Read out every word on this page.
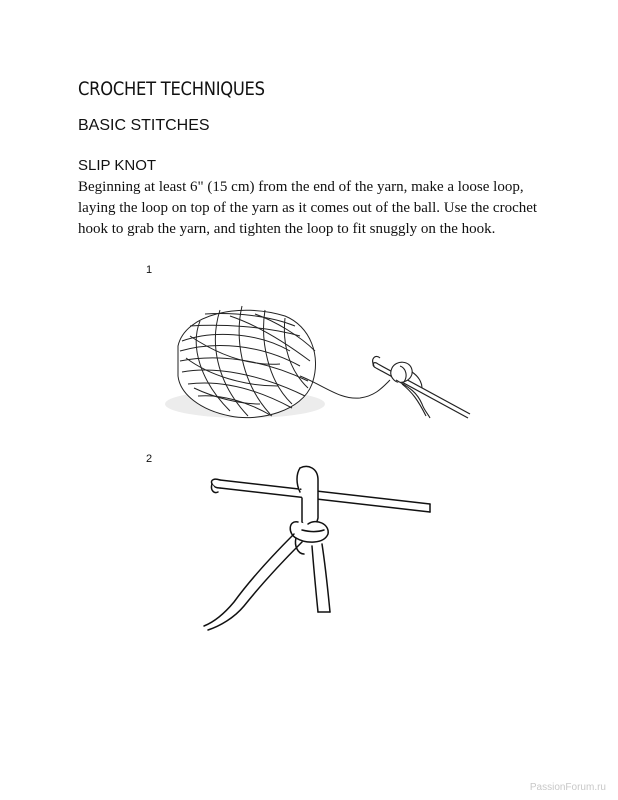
CROCHET TECHNIQUES
BASIC STITCHES
SLIP KNOT
Beginning at least 6" (15 cm) from the end of the yarn, make a loose loop, laying the loop on top of the yarn as it comes out of the ball. Use the crochet hook to grab the yarn, and tighten the loop to fit snuggly on the hook.
1
2
PassionForum.ru
